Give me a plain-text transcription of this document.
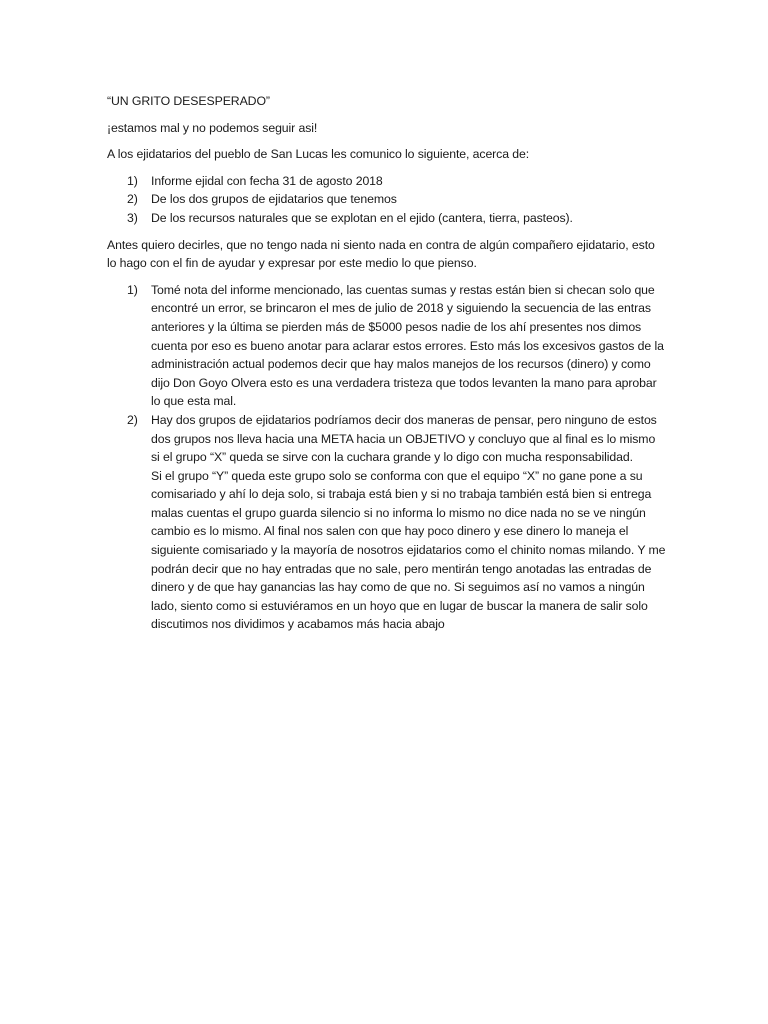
“UN GRITO DESESPERADO”

¡estamos mal y no podemos seguir asi!

A los ejidatarios del pueblo de San Lucas les comunico lo siguiente, acerca de:

1) Informe ejidal con fecha 31 de agosto 2018
2) De los dos grupos de ejidatarios que tenemos
3) De los recursos naturales que se explotan en el ejido (cantera, tierra, pasteos).

Antes quiero decirles, que no tengo nada ni siento nada en contra de algún compañero ejidatario, esto lo hago con el fin de ayudar y expresar por este medio lo que pienso.

1) Tomé nota del informe mencionado, las cuentas sumas y restas están bien si checan solo que encontré un error, se brincaron el mes de julio de 2018 y siguiendo la secuencia de las entras anteriores y la última se pierden más de $5000 pesos nadie de los ahí presentes nos dimos cuenta por eso es bueno anotar para aclarar estos errores. Esto más los excesivos gastos de la administración actual podemos decir que hay malos manejos de los recursos (dinero) y como dijo Don Goyo Olvera esto es una verdadera tristeza que todos levanten la mano para aprobar lo que esta mal.
2) Hay dos grupos de ejidatarios podríamos decir dos maneras de pensar, pero ninguno de estos dos grupos nos lleva hacia una META hacia un OBJETIVO y concluyo que al final es lo mismo si el grupo “X” queda se sirve con la cuchara grande y lo digo con mucha responsabilidad.
Si el grupo “Y” queda este grupo solo se conforma con que el equipo “X” no gane pone a su comisariado y ahí lo deja solo, si trabaja está bien y si no trabaja también está bien si entrega malas cuentas el grupo guarda silencio si no informa lo mismo no dice nada no se ve ningún cambio es lo mismo. Al final nos salen con que hay poco dinero y ese dinero lo maneja el siguiente comisariado y la mayoría de nosotros ejidatarios como el chinito nomas milando. Y me podrán decir que no hay entradas que no sale, pero mentirán tengo anotadas las entradas de dinero y de que hay ganancias las hay como de que no. Si seguimos así no vamos a ningún lado, siento como si estuviéramos en un hoyo que en lugar de buscar la manera de salir solo discutimos nos dividimos y acabamos más hacia abajo
